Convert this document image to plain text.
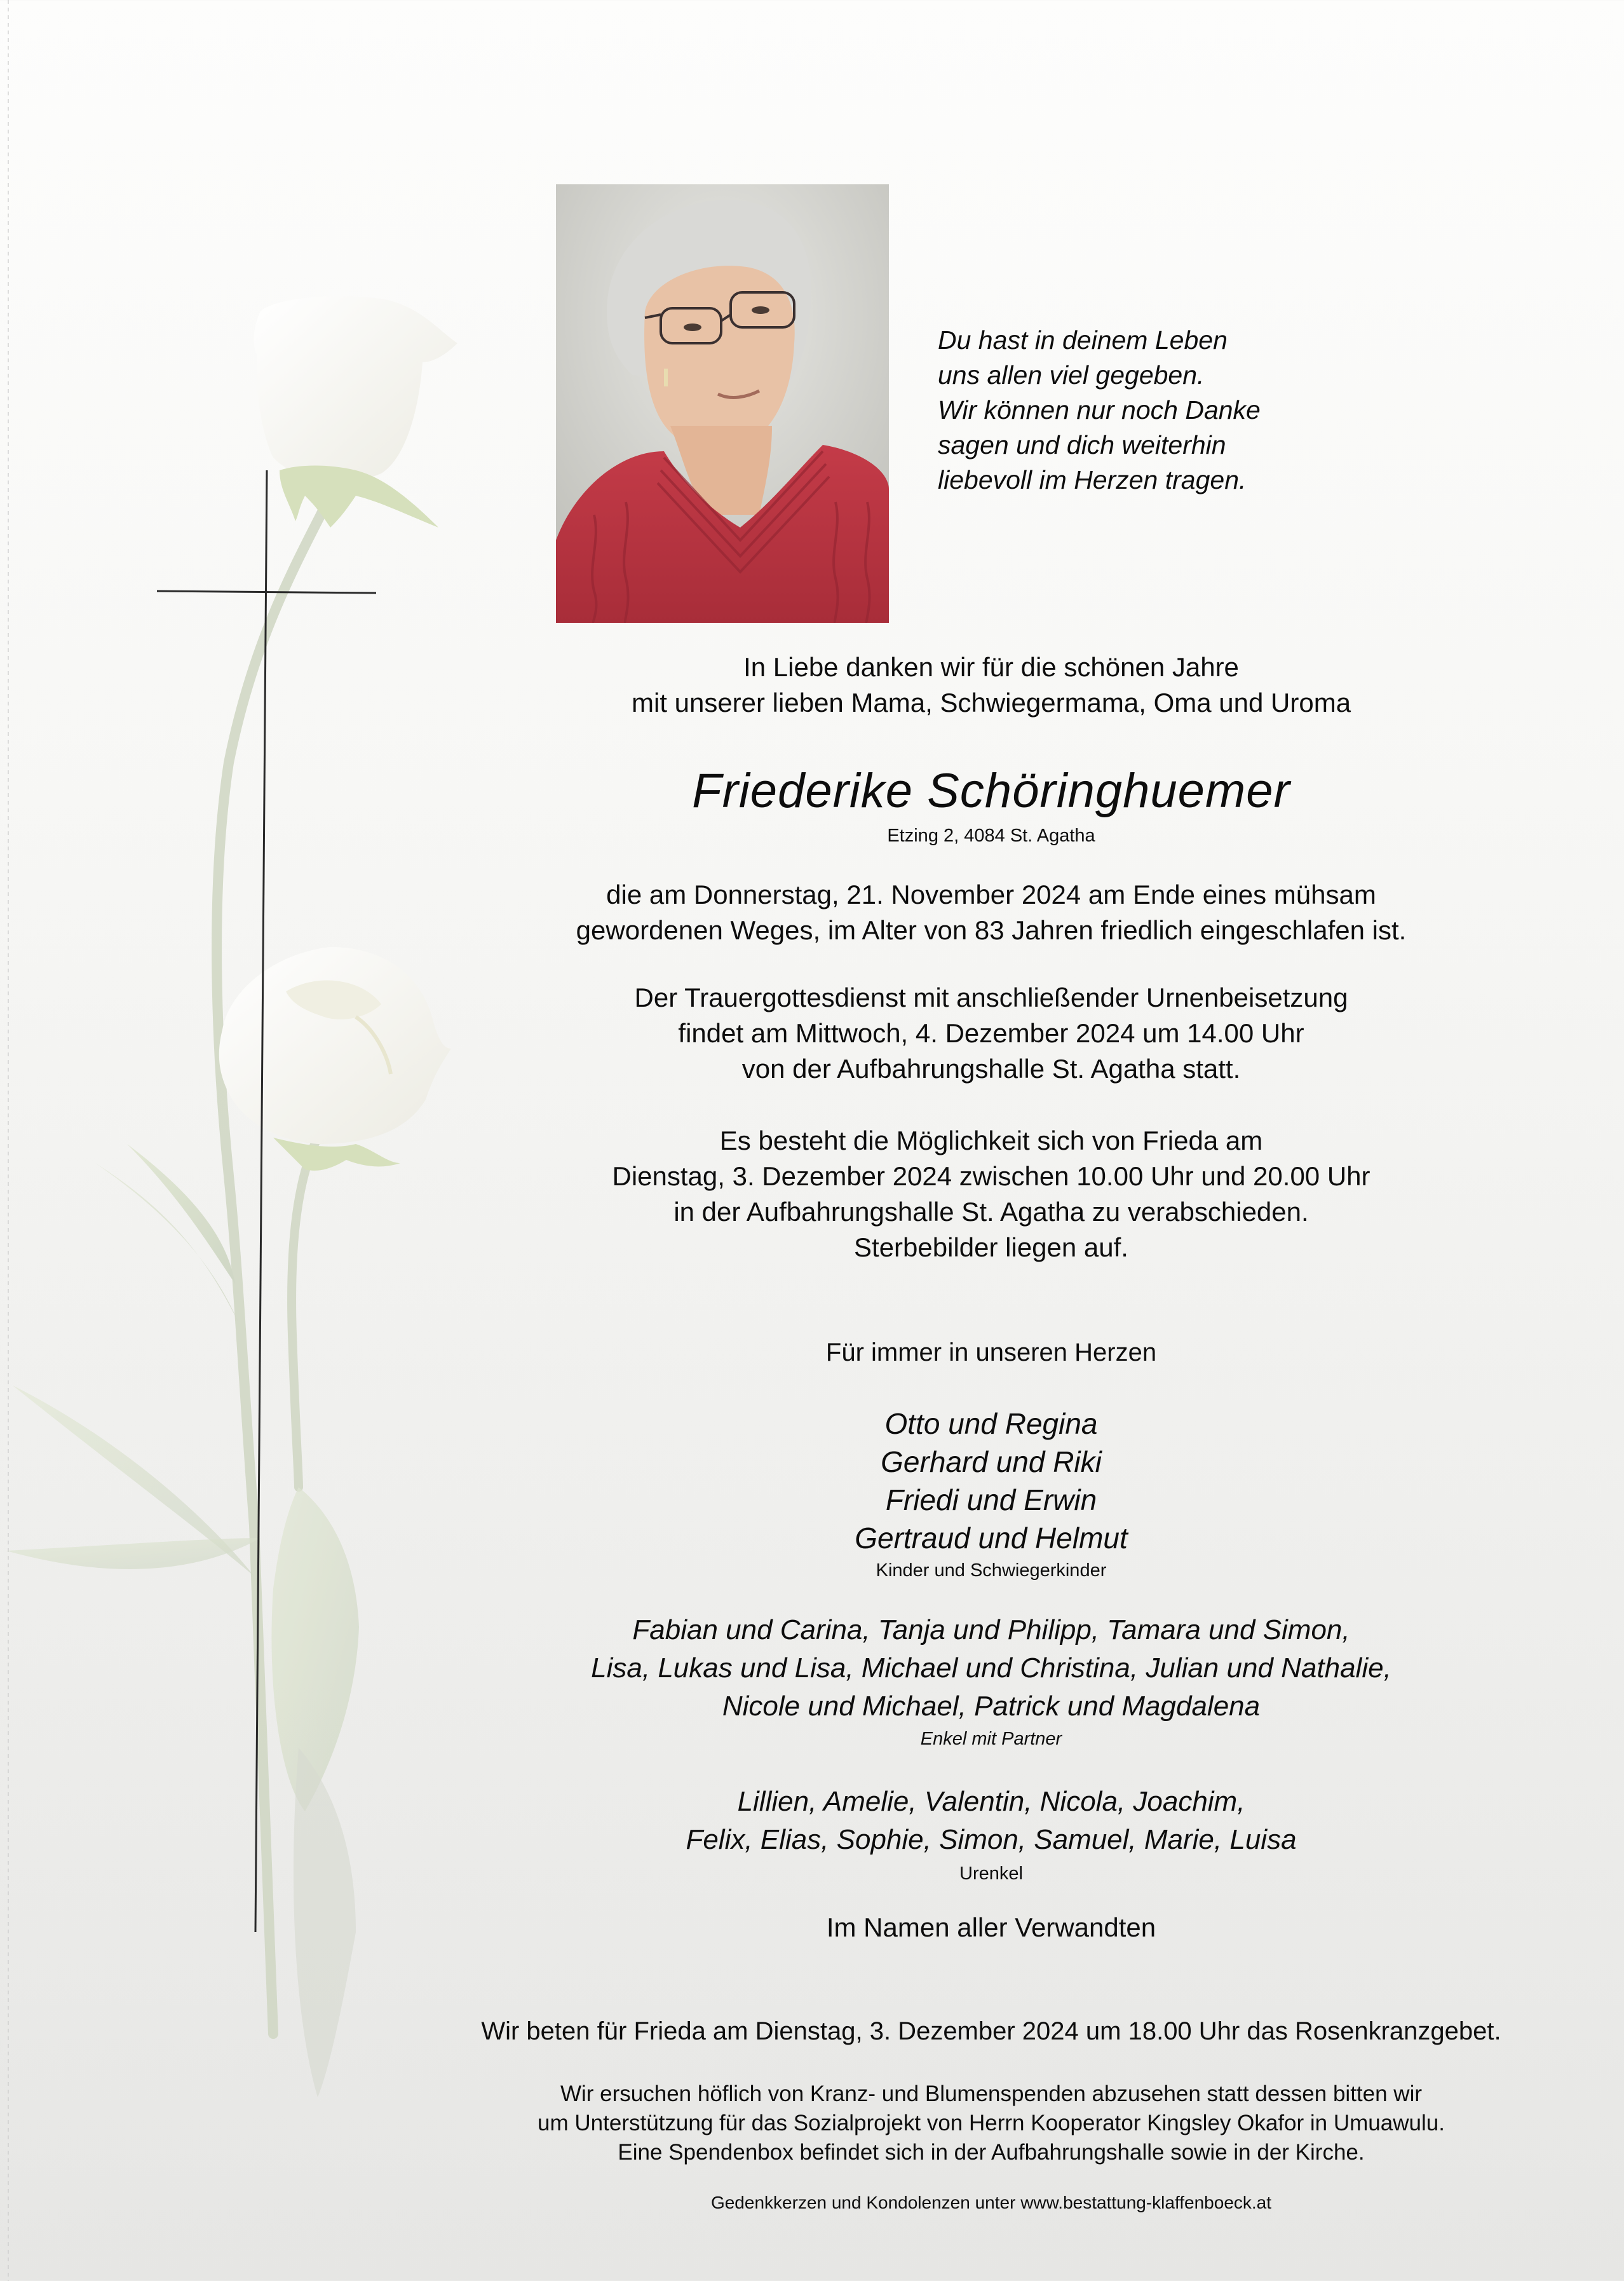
Du hast in deinem Leben
uns allen viel gegeben.
Wir können nur noch Danke
sagen und dich weiterhin
liebevoll im Herzen tragen.
In Liebe danken wir für die schönen Jahre
mit unserer lieben Mama, Schwiegermama, Oma und Uroma
Friederike Schöringhuemer
Etzing 2, 4084 St. Agatha
die am Donnerstag, 21. November 2024 am Ende eines mühsam
gewordenen Weges, im Alter von 83 Jahren friedlich eingeschlafen ist.
Der Trauergottesdienst mit anschließender Urnenbeisetzung
findet am Mittwoch, 4. Dezember 2024 um 14.00 Uhr
von der Aufbahrungshalle St. Agatha statt.
Es besteht die Möglichkeit sich von Frieda am
Dienstag, 3. Dezember 2024 zwischen 10.00 Uhr und 20.00 Uhr
in der Aufbahrungshalle St. Agatha zu verabschieden.
Sterbebilder liegen auf.
Für immer in unseren Herzen
Otto und Regina
Gerhard und Riki
Friedi und Erwin
Gertraud und Helmut
Kinder und Schwiegerkinder
Fabian und Carina, Tanja und Philipp, Tamara und Simon,
Lisa, Lukas und Lisa, Michael und Christina, Julian und Nathalie,
Nicole und Michael, Patrick und Magdalena
Enkel mit Partner
Lillien, Amelie, Valentin, Nicola, Joachim,
Felix, Elias, Sophie, Simon, Samuel, Marie, Luisa
Urenkel
Im Namen aller Verwandten
Wir beten für Frieda am Dienstag, 3. Dezember 2024 um 18.00 Uhr das Rosenkranzgebet.
Wir ersuchen höflich von Kranz- und Blumenspenden abzusehen statt dessen bitten wir
um Unterstützung für das Sozialprojekt von Herrn Kooperator Kingsley Okafor in Umuawulu.
Eine Spendenbox befindet sich in der Aufbahrungshalle sowie in der Kirche.
Gedenkkerzen und Kondolenzen unter www.bestattung-klaffenboeck.at
